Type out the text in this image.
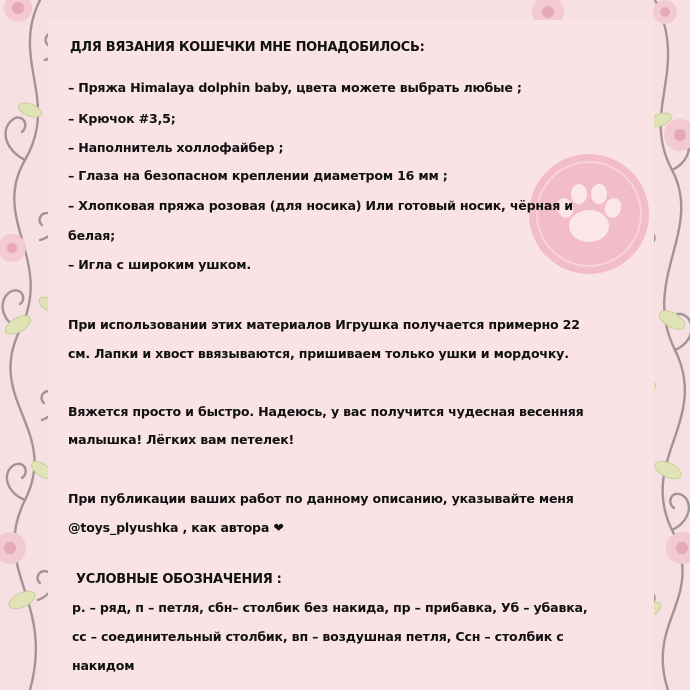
ДЛЯ ВЯЗАНИЯ КОШЕЧКИ МНЕ ПОНАДОБИЛОСЬ:
– Пряжа Himalaya dolphin baby, цвета можете выбрать любые ;
– Крючок #3,5;
– Наполнитель холлофайбер ;
– Глаза на безопасном креплении диаметром 16 мм ;
– Хлопковая пряжа розовая (для носика) Или готовый носик, чёрная и
белая;
– Игла с широким ушком.
При использовании этих материалов Игрушка получается примерно 22
см. Лапки и хвост ввязываются, пришиваем только ушки и мордочку.
Вяжется просто и быстро. Надеюсь, у вас получится чудесная весенняя
малышка! Лёгких вам петелек!
При публикации ваших работ по данному описанию, указывайте меня
@toys_plyushka , как автора ❤
УСЛОВНЫЕ ОБОЗНАЧЕНИЯ :
р. – ряд, п – петля, сбн– столбик без накида, пр – прибавка, Уб – убавка,
сс – соединительный столбик, вп – воздушная петля, Ссн – столбик с
накидом
